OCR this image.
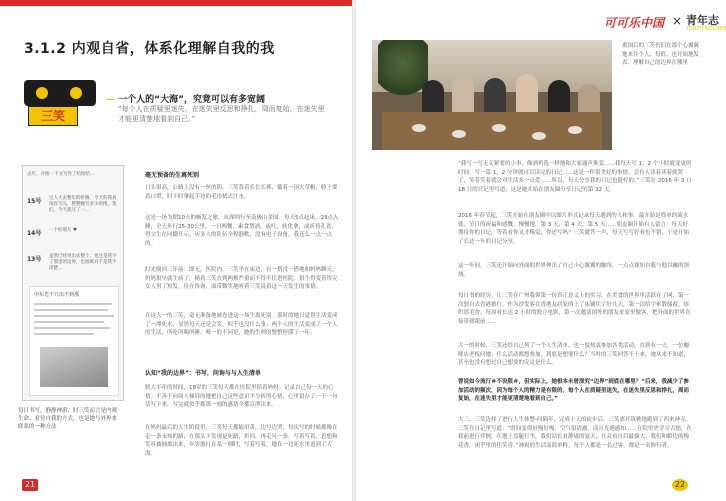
3.1.2 内观自省，体系化理解自我的我
三笑
— 一个人的“大海”，究竟可以有多宽阔
“每个人在质疑里迷失，在迷失里反思和挣扎，周而复始，在迷失里才能更清楚地看到自己。”
去年，开始一下文写作了哈哈哈…
15号 这人大去整年的折腾，今天的我真没有写完，整整晚写多少的博，我们，今天就写了一…
14号 一个好朋友 ♥
13号 虽然已经说出去整个，也还是我不了那里的边界，也很难对不是我不清楚…
中东先不只出不到那
每日书写，静静神游，时三笑而言是内观生命、看待自我的方式，也是她与外界来联系的一种方法
毫无预备的生离死别
日头很高，公路上没有一丝的阴。三笑背着长长长裤，戴着一顶大草帽，脸上要着口罩，时不时拿起手边的毛巾拭去汗水。
这是一场为期10天的畅发之旅，从深圳行至南极山金国。每天5点起床，23点入睡，全天步行25-30公里，一日两餐，素食禁酒，或吐，转化拿，或祈祷孔雀，得父生在同脚开示。历多人的队伍全程静默，没有电子设备，我还么一点一点的。
时光倒回三年前：即无，医院内。三笑坐在床边，有一搭没一搭地和妈妈聊天。妈妈很早就生病了，精着三笑直到两颊严重而不得不往进医院。很个得变着终究女人男了短发，待在咨询，面带微笑地听着三笑说着这一天发生的事情。
在这大一的三笑，毫无准备地被卷进这一场生离死别。那时的她只觉得生活变成了一潭死水，显然每天还是会笑，似乎也没什么事；两个人的生活变成了一个人的生活，所吃所喝所睡，唯一的不同是，她的生理的整整停滞了一年。
认知“我的边界”：书写，问询与与人生清单
脱大半年的时间，18岁的三笑每天都在医院里陪着妈妈。记录自己每一天的心情。不善于向周人倾诉的她把自己这些意识不分析的心情，心里留存了一下一句话写下来，写完就似乎都那一刻的感情全都宣泄出来。
在妈妈最后的人生阶段里，三笑每天都能用黄，边写边哭，每次写的时候都像在走一条未知的路，在那头下发现是死路，折回，再走另一条。写着写着，思想和笑容被抽离出来，年等地打在某一刻时，写着写着，她在一边死水里返到了大海。
21
可可乐中国 × 青年志
YOUTH GOLDEN
离国后的三笑仍旧在那个心翼翼地来往个人、每值。也开始地发表、理解自己的边界在哪里
“我写一写无关紧要的小事，像酒鸡选一样地和大家通声推变……我每天写 1，2 个小时就变更的时间。写一篇 1，2 分钟就可以读完的日记……这是一件很美好的事情。会有人读着读着就哭了，笑着笑着就会对生活多一点爱……所以，每天分享我的日记也挺好的。”三笑在 2016 年 3 月 18 日的日记里写道，这是她开始在朋友圈分享日记的第 32 天。
2016 年春节起，三笑开始在朋友圈中以图片形式记录每天遇到的人和事。最开始是简单的流水账，节日的祝福和感慨。慢慢地，第 3 天、第 4 天、第 5 天……朋友圈开始有人留言：每天好期待你的日记，等着看你又才稀觉，你还写吗？三笑就答一声，每天写写好看也不错，于是开始了长达一年的日记分享。
这一年间，三笑还开始向外面的世界伸出了自己小心翼翼的触角，一点点探知自我与他以融的领域。
每日书的经历，让三笑在广州我领第一份真正意义上的实习，在美食的世界里活跃在了网，第一次独自去香港旅行，作为沙发客在香港友居家的上了床铺住了好几天，第一次给宇索散储蓄，组织那毛舍，每周看长达 2 小时的独立电影，第一次邀请国外的朋友来家里做客，把外面的世界直接带到眼前……
大一的时候，三笑还给自己列了一个人生清单，也一度热衷参加各类活动，直到有一天，一位咖啡店老板问她：什么活动都想参加，到底是想要什么？当时的三笑回答不上来，她从来不知道，甚至也没有想过自己想要的究竟是什么。
曾说如今流行＃不设限＃，但实际上，她根本未曾深究“边界”到底在哪里？“后来，我减少了参加活动的频次，因为每个人的精力是有限的，每个人在质疑里迷失，在迷失里反思和挣扎，周而复始，在迷失里才能更清楚地看到自己。”
大三，三笑选择了进行人生体整-问隔年，完成十天的徒步后，三笑离开筑雅地跑到了西来神寺。三笑在日记里写道：“时间变得好慢好慢，空气很清澈，而且光遇感知……在院里史学习古德，在我前进行伴例，在地上盘腿打坐，我们站长看静谧的宴天，在众看自后最强大；我们和略边的梅花香，闭乎里的佳笑香。”神祝的生活而简单粹，每个人都是一名过客，都是一名修行者。
22
